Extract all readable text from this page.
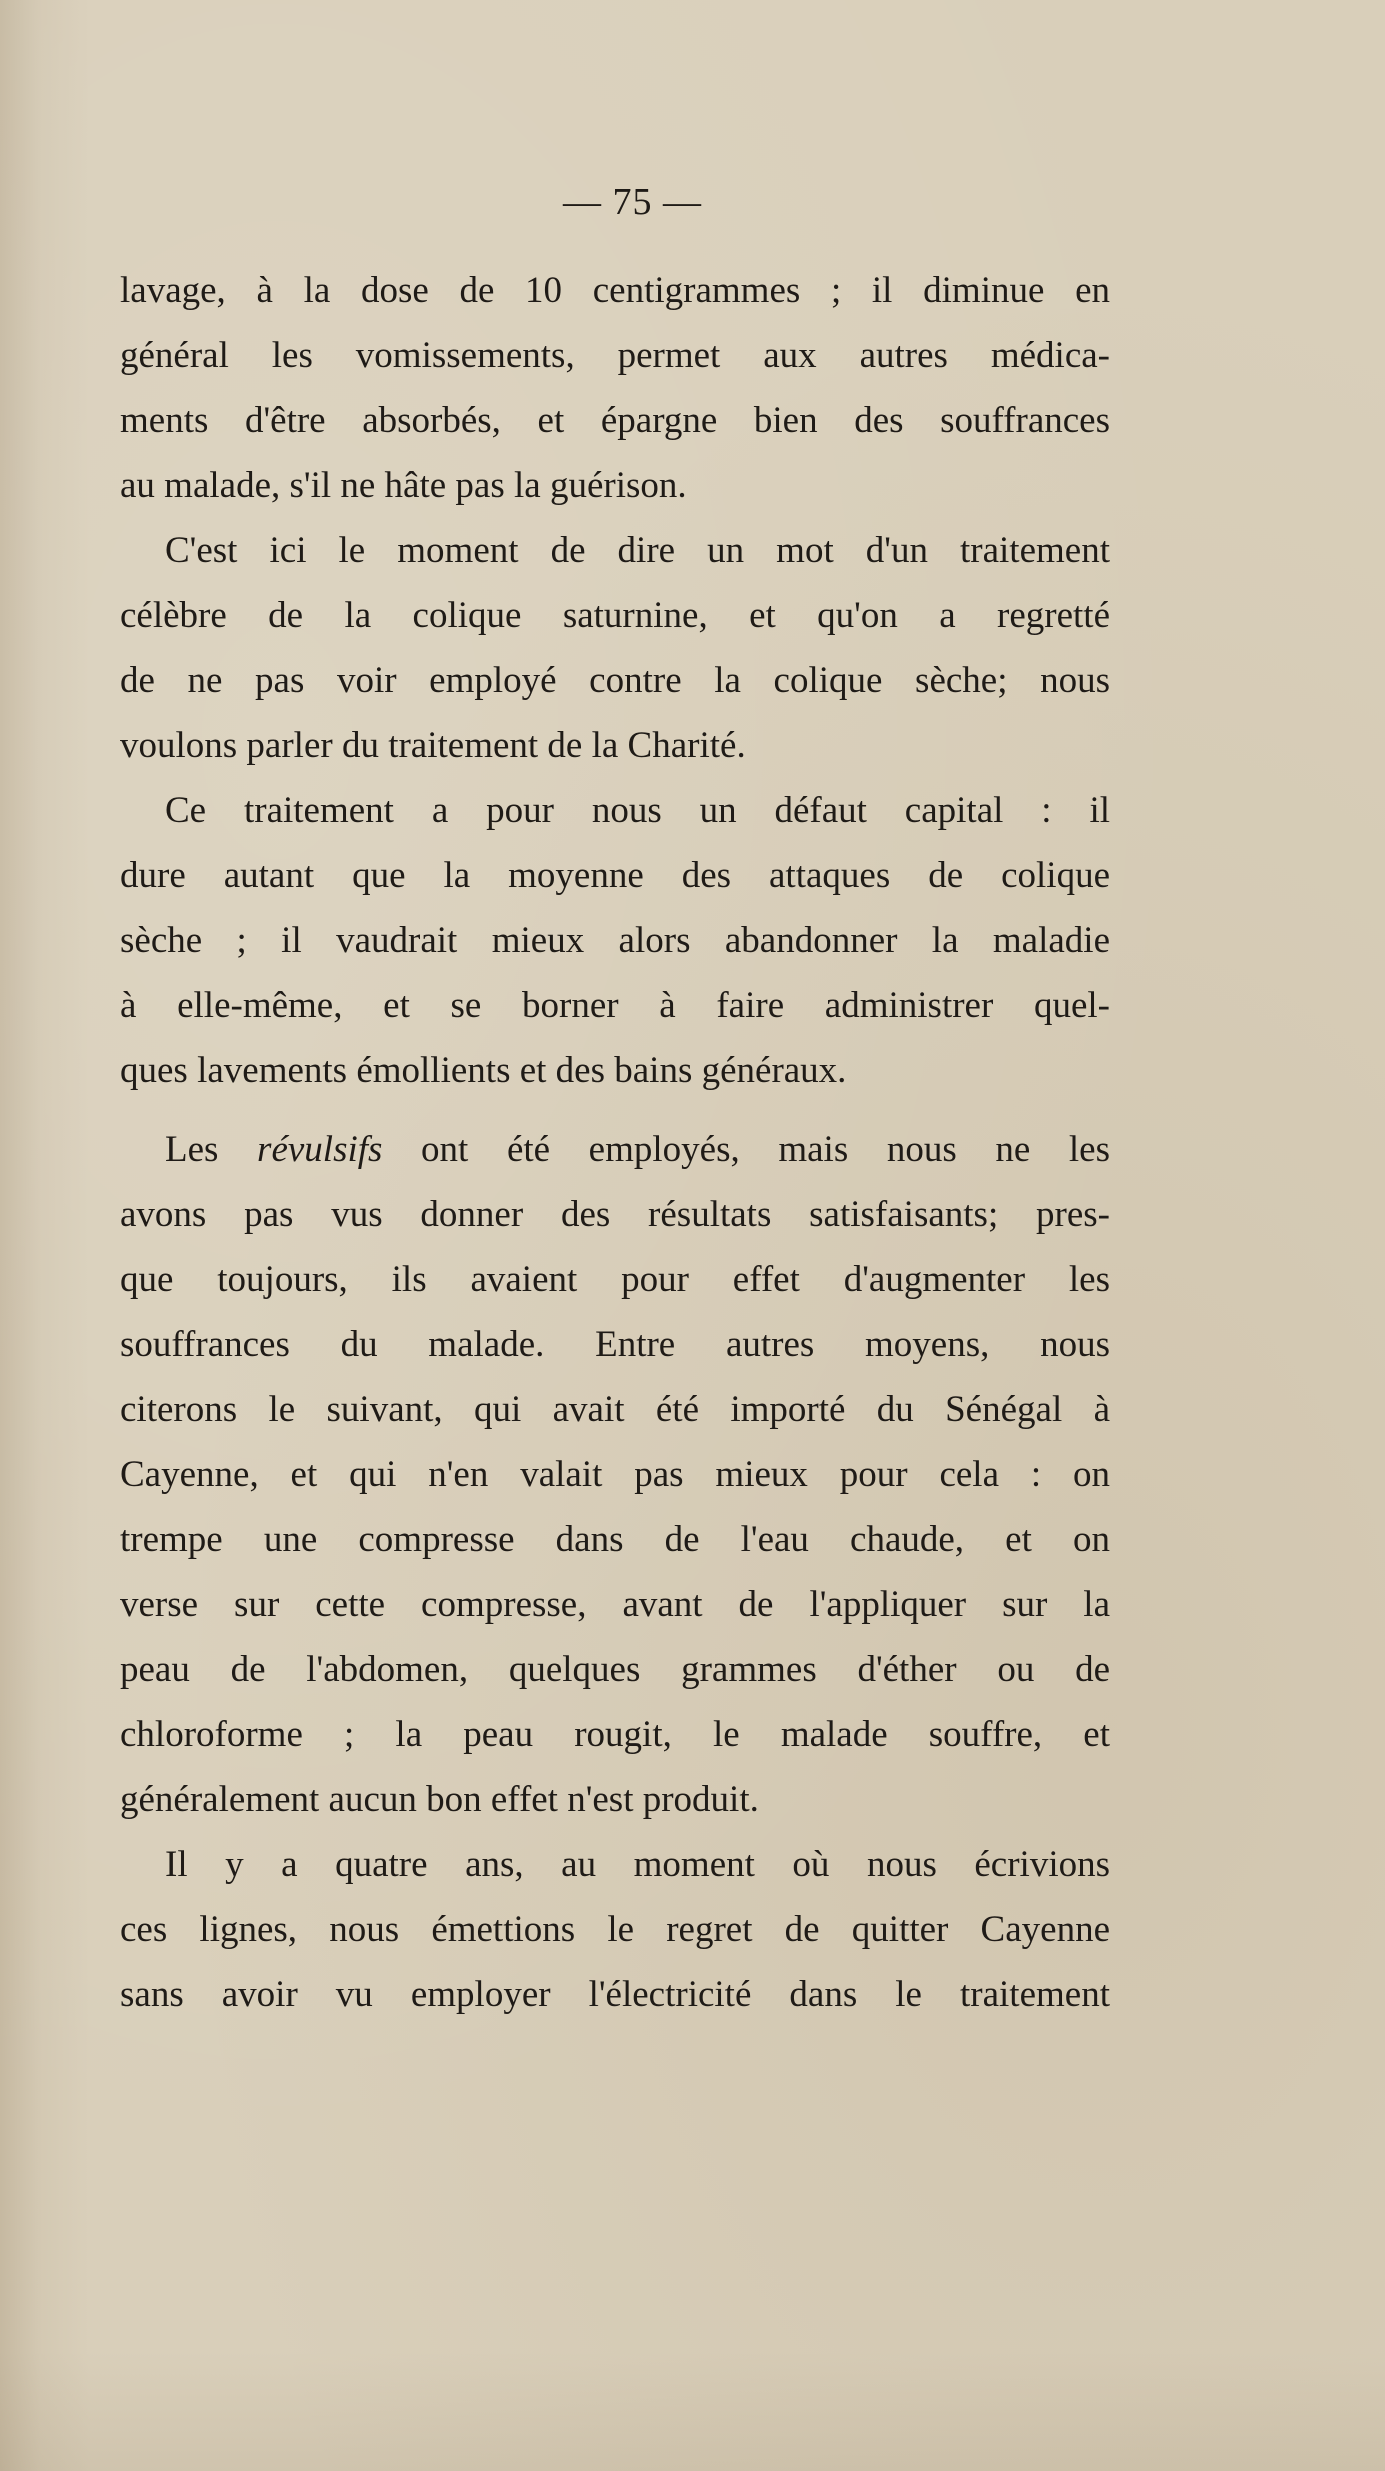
— 75 —

lavage, à la dose de 10 centigrammes ; il diminue en
général les vomissements, permet aux autres médica-
ments d'être absorbés, et épargne bien des souffrances
au malade, s'il ne hâte pas la guérison.

C'est ici le moment de dire un mot d'un traitement
célèbre de la colique saturnine, et qu'on a regretté
de ne pas voir employé contre la colique sèche; nous
voulons parler du traitement de la Charité.

Ce traitement a pour nous un défaut capital : il
dure autant que la moyenne des attaques de colique
sèche ; il vaudrait mieux alors abandonner la maladie
à elle-même, et se borner à faire administrer quel-
ques lavements émollients et des bains généraux.

Les révulsifs ont été employés, mais nous ne les
avons pas vus donner des résultats satisfaisants; pres-
que toujours, ils avaient pour effet d'augmenter les
souffrances du malade. Entre autres moyens, nous
citerons le suivant, qui avait été importé du Sénégal à
Cayenne, et qui n'en valait pas mieux pour cela : on
trempe une compresse dans de l'eau chaude, et on
verse sur cette compresse, avant de l'appliquer sur la
peau de l'abdomen, quelques grammes d'éther ou de
chloroforme ; la peau rougit, le malade souffre, et
généralement aucun bon effet n'est produit.

Il y a quatre ans, au moment où nous écrivions
ces lignes, nous émettions le regret de quitter Cayenne
sans avoir vu employer l'électricité dans le traitement
